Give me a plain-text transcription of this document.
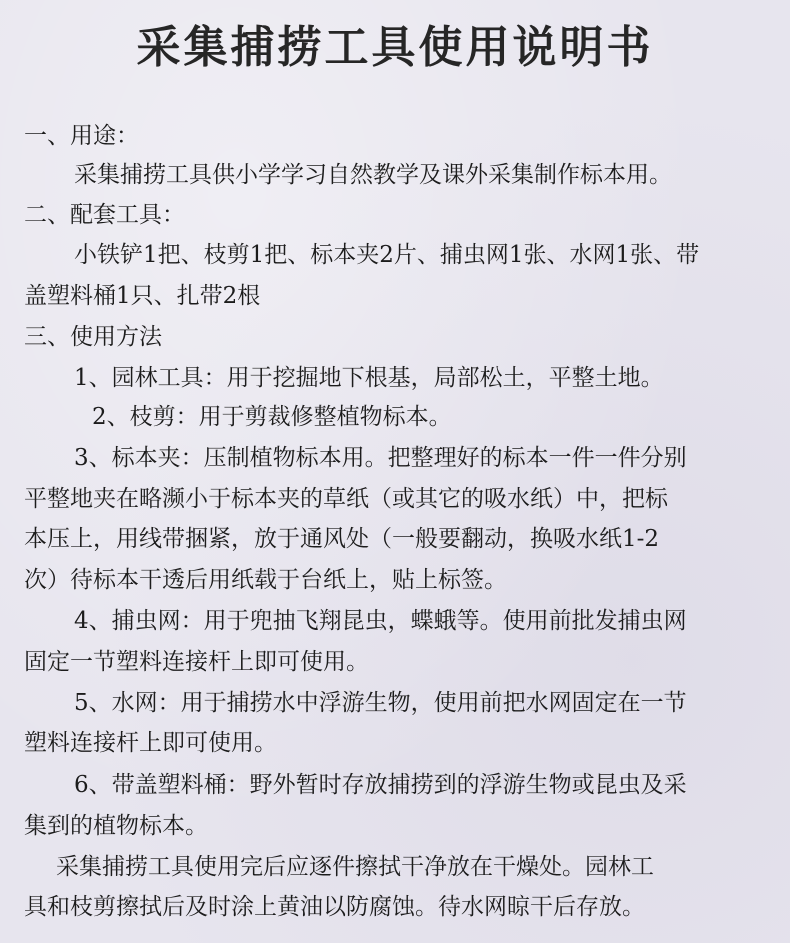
采集捕捞工具使用说明书
一、用途：
采集捕捞工具供小学学习自然教学及课外采集制作标本用。
二、配套工具：
小铁铲1把、枝剪1把、标本夹2片、捕虫网1张、水网1张、带
盖塑料桶1只、扎带2根
三、使用方法
1、园林工具：用于挖掘地下根基，局部松土，平整土地。
2、枝剪：用于剪裁修整植物标本。
3、标本夹：压制植物标本用。把整理好的标本一件一件分别
平整地夹在略濒小于标本夹的草纸（或其它的吸水纸）中，把标
本压上，用线带捆紧，放于通风处（一般要翻动，换吸水纸1-2
次）待标本干透后用纸载于台纸上，贴上标签。
4、捕虫网：用于兜抽飞翔昆虫，蝶蛾等。使用前批发捕虫网
固定一节塑料连接杆上即可使用。
5、水网：用于捕捞水中浮游生物，使用前把水网固定在一节
塑料连接杆上即可使用。
6、带盖塑料桶：野外暂时存放捕捞到的浮游生物或昆虫及采
集到的植物标本。
采集捕捞工具使用完后应逐件擦拭干净放在干燥处。园林工
具和枝剪擦拭后及时涂上黄油以防腐蚀。待水网晾干后存放。
